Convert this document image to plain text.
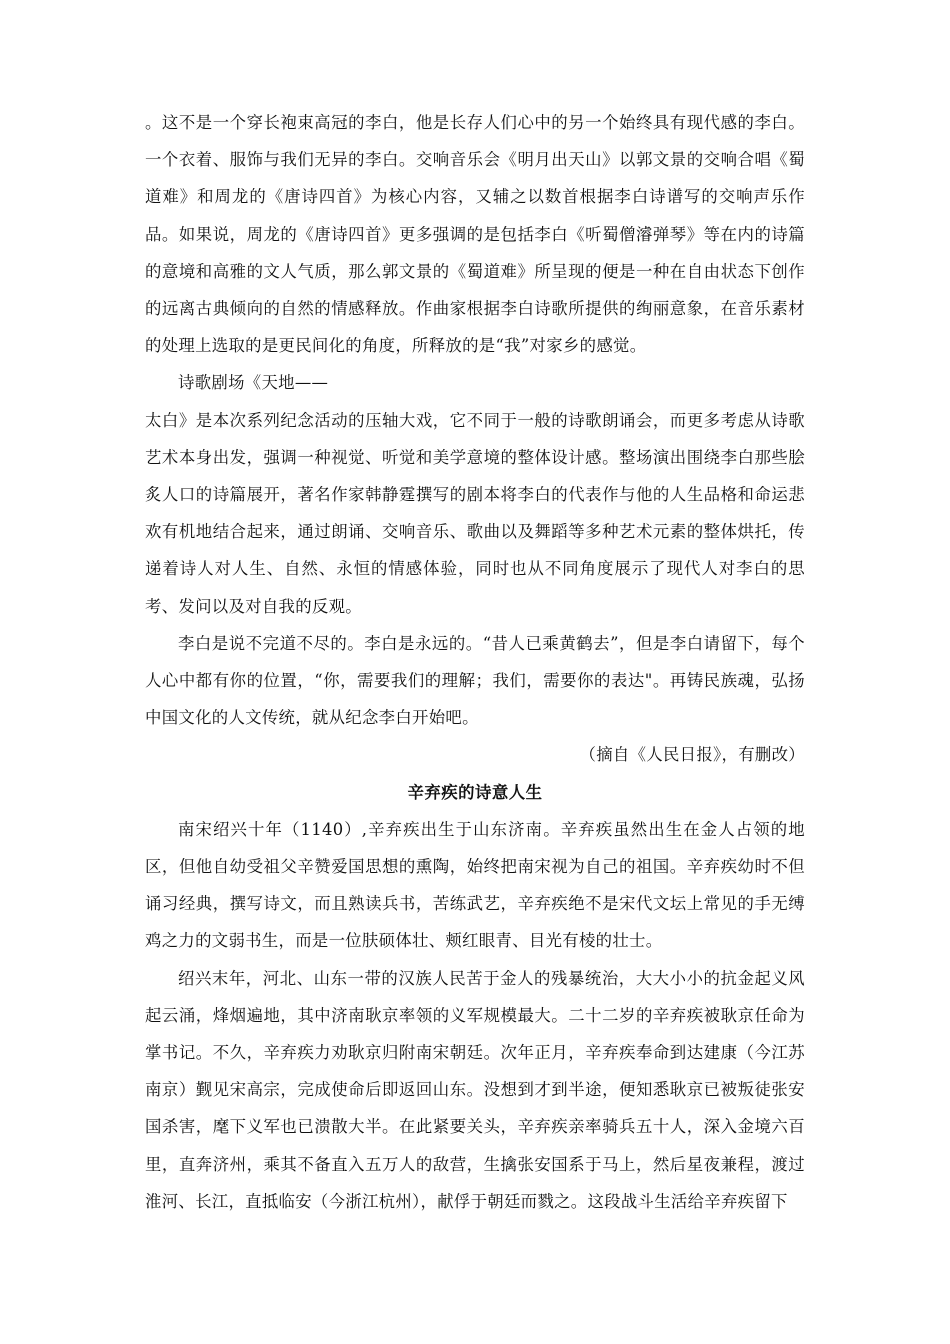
。这不是一个穿长袍束高冠的李白，他是长存人们心中的另一个始终具有现代感的李白。一个衣着、服饰与我们无异的李白。交响音乐会《明月出天山》以郭文景的交响合唱《蜀道难》和周龙的《唐诗四首》为核心内容，又辅之以数首根据李白诗谱写的交响声乐作品。如果说，周龙的《唐诗四首》更多强调的是包括李白《听蜀僧濬弹琴》等在内的诗篇的意境和高雅的文人气质，那么郭文景的《蜀道难》所呈现的便是一种在自由状态下创作的远离古典倾向的自然的情感释放。作曲家根据李白诗歌所提供的绚丽意象，在音乐素材的处理上选取的是更民间化的角度，所释放的是“我”对家乡的感觉。

诗歌剧场《天地——

太白》是本次系列纪念活动的压轴大戏，它不同于一般的诗歌朗诵会，而更多考虑从诗歌艺术本身出发，强调一种视觉、听觉和美学意境的整体设计感。整场演出围绕李白那些脍炙人口的诗篇展开，著名作家韩静霆撰写的剧本将李白的代表作与他的人生品格和命运悲欢有机地结合起来，通过朗诵、交响音乐、歌曲以及舞蹈等多种艺术元素的整体烘托，传递着诗人对人生、自然、永恒的情感体验，同时也从不同角度展示了现代人对李白的思考、发问以及对自我的反观。

李白是说不完道不尽的。李白是永远的。“昔人已乘黄鹤去”，但是李白请留下，每个人心中都有你的位置，“你，需要我们的理解；我们，需要你的表达"。再铸民族魂，弘扬中国文化的人文传统，就从纪念李白开始吧。

（摘自《人民日报》，有删改）

辛弃疾的诗意人生

南宋绍兴十年（1140）,辛弃疾出生于山东济南。辛弃疾虽然出生在金人占领的地区，但他自幼受祖父辛赞爱国思想的熏陶，始终把南宋视为自己的祖国。辛弃疾幼时不但诵习经典，撰写诗文，而且熟读兵书，苦练武艺，辛弃疾绝不是宋代文坛上常见的手无缚鸡之力的文弱书生，而是一位肤硕体壮、颊红眼青、目光有棱的壮士。

绍兴末年，河北、山东一带的汉族人民苦于金人的残暴统治，大大小小的抗金起义风起云涌，烽烟遍地，其中济南耿京率领的义军规模最大。二十二岁的辛弃疾被耿京任命为掌书记。不久，辛弃疾力劝耿京归附南宋朝廷。次年正月，辛弃疾奉命到达建康（今江苏南京）觐见宋高宗，完成使命后即返回山东。没想到才到半途，便知悉耿京已被叛徒张安国杀害，麾下义军也已溃散大半。在此紧要关头，辛弃疾亲率骑兵五十人，深入金境六百里，直奔济州，乘其不备直入五万人的敌营，生擒张安国系于马上，然后星夜兼程，渡过淮河、长江，直抵临安（今浙江杭州），献俘于朝廷而戮之。这段战斗生活给辛弃疾留下
